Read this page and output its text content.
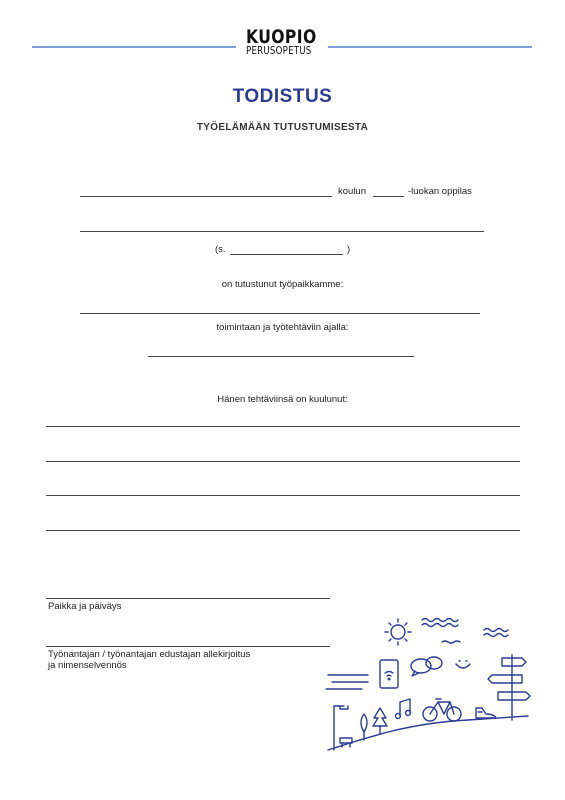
KUOPIO
PERUSOPETUS
TODISTUS
TYÖELÄMÄÄN TUTUSTUMISESTA
koulun	-luokan oppilas
(s.	)
on tutustunut työpaikkamme:
toimintaan ja työtehtäviin ajalla:
Hänen tehtäviinsä on kuulunut:
Paikka ja päiväys
Työnantajan / työnantajan edustajan allekirjoitus
ja nimenselvennös
